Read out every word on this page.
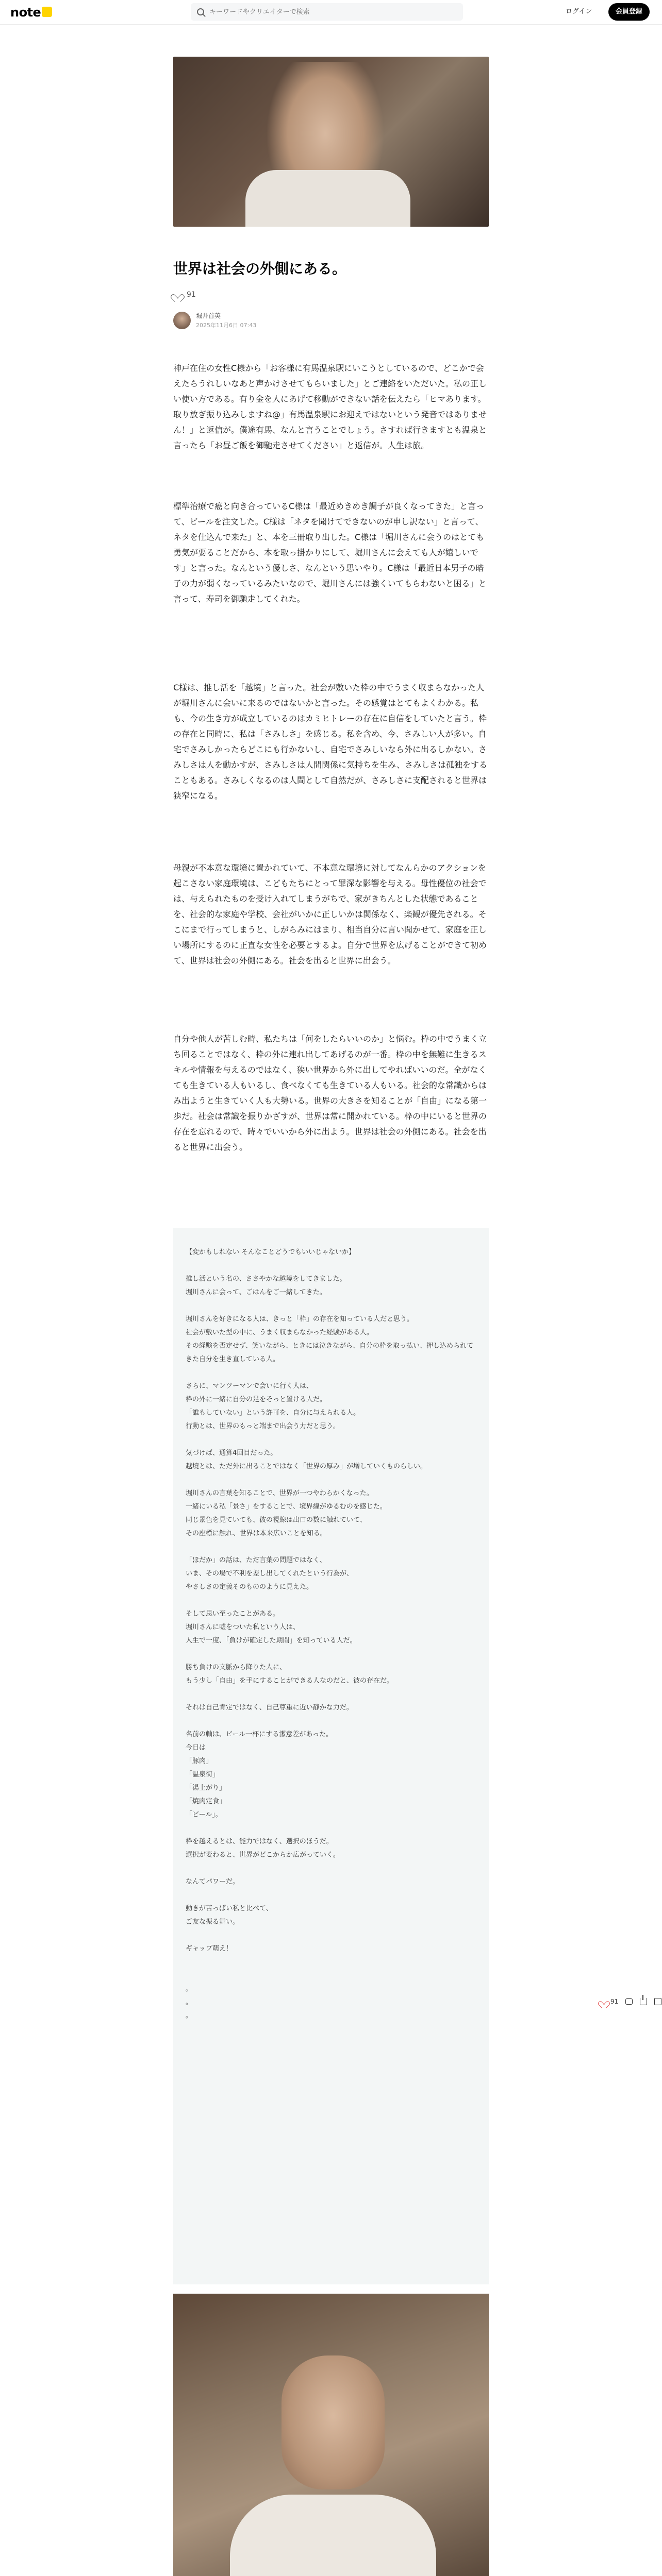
note
キーワードやクリエイターで検索	ログイン	会員登録
世界は社会の外側にある。
91
堀井首英
2025年11月6日 07:43

神戸在住の女性C様から「お客様に有馬温泉駅にいこうとしているので、どこかで会えたらうれしいなあと声かけさせてもらいました」とご連絡をいただいた。私の正しい使い方である。有り金を人にあげて移動ができない話を伝えたら「ヒマあります。取り放ぎ振り込みしますね@」有馬温泉駅にお迎えではないという発音ではありません！」と返信が。僕途有馬、なんと言うことでしょう。さすれば行きますとも温泉と言ったら「お昼ご飯を御馳走させてください」と返信が。人生は旅。

標準治療で癌と向き合っているC様は「最近めきめき調子が良くなってきた」と言って、ビールを注文した。C様は「ネタを聞けてできないのが申し訳ない」と言って、ネタを仕込んで来た」と、本を三冊取り出した。C様は「堀川さんに会うのはとても勇気が要ることだから、本を取っ掛かりにして、堀川さんに会えても人が嬉しいです」と言った。なんという優しさ、なんという思いやり。C様は「最近日本男子の暗子の力が弱くなっているみたいなので、堀川さんには強くいてもらわないと困る」と言って、寿司を御馳走してくれた。

C様は、推し活を「越境」と言った。社会が敷いた枠の中でうまく収まらなかった人が堀川さんに会いに来るのではないかと言った。その感覚はとてもよくわかる。私も、今の生き方が成立しているのはカミヒトレーの存在に自信をしていたと言う。枠の存在と同時に、私は「さみしさ」を感じる。私を含め、今、さみしい人が多い。自宅でさみしかったらどこにも行かないし、自宅でさみしいなら外に出るしかない。さみしさは人を動かすが、さみしさは人間関係に気持ちを生み、さみしさは孤独をすることもある。さみしくなるのは人間として自然だが、さみしさに支配されると世界は狭窄になる。

母親が不本意な環境に置かれていて、不本意な環境に対してなんらかのアクションを起こさない家庭環境は、こどもたちにとって罪深な影響を与える。母性優位の社会では、与えられたものを受け入れてしまうがちで、家がきちんとした状態であることを、社会的な家庭や学校、会社がいかに正しいかは関係なく、楽観が優先される。そこにまで行ってしまうと、しがらみにはまり、相当自分に言い聞かせて、家庭を正しい場所にするのに正直な女性を必要とするよ。自分で世界を広げることができて初めて、世界は社会の外側にある。社会を出ると世界に出会う。

自分や他人が苦しむ時、私たちは「何をしたらいいのか」と悩む。枠の中でうまく立ち回ることではなく、枠の外に連れ出してあげるのが一番。枠の中を無難に生きるスキルや情報を与えるのではなく、狭い世界から外に出してやればいいのだ。全がなくても生きている人もいるし、食べなくても生きている人もいる。社会的な常識からはみ出ようと生きていく人も大勢いる。世界の大きさを知ることが「自由」になる第一歩だ。社会は常識を振りかざすが、世界は常に開かれている。枠の中にいると世界の存在を忘れるので、時々でいいから外に出よう。世界は社会の外側にある。社会を出ると世界に出会う。

【変かもしれない そんなことどうでもいいじゃないか】
推し活という名の、ささやかな越境をしてきました。
堀川さんに会って、ごはんをご一緒してきた。
堀川さんを好きになる人は、きっと「枠」の存在を知っている人だと思う。
社会が敷いた型の中に、うまく収まらなかった経験がある人。
その経験を否定せず、笑いながら、ときには泣きながら、自分の枠を取っ払い、押し込められてきた自分を生き直している人。
さらに、マンツーマンで会いに行く人は、
枠の外に一緒に自分の足をそっと置ける人だ。
「誰もしていない」という許可を、自分に与えられる人。
行動とは、世界のもっと端まで出会う力だと思う。
気づけば、通算4回目だった。
越境とは、ただ外に出ることではなく「世界の厚み」が増していくものらしい。
堀川さんの言葉を知ることで、世界が一つやわらかくなった。
一緒にいる私「景さ」をすることで、境界線がゆるむのを感じた。
同じ景色を見ていても、彼の視線は出口の数に触れていて、
その座標に触れ、世界は本来広いことを知る。
「ほだか」の話は、ただ言葉の問題ではなく、
いま、その場で不利を差し出してくれたという行為が、
やさしさの定義そのもののように見えた。
そして思い至ったことがある。
堀川さんに嘘をついた私という人は、
人生で一度、「負けが確定した期間」を知っている人だ。
勝ち負けの文脈から降りた人に、
もう少し「自由」を手にすることができる人なのだと、彼の存在だ。
それは自己肯定ではなく、自己尊重に近い静かな力だ。
名前の軸は、ビール一杯にする潔意差があった。
今日は
「豚肉」
「温泉街」
「湯上がり」
「焼肉定食」
「ビール」。
枠を越えるとは、能力ではなく、選択のほうだ。
選択が変わると、世界がどこからか広がっていく。
なんてパワーだ。
動きが苦っぱい私と比べて、
ご友な振る舞い。
ギャップ萌え！
。
。
。
91
